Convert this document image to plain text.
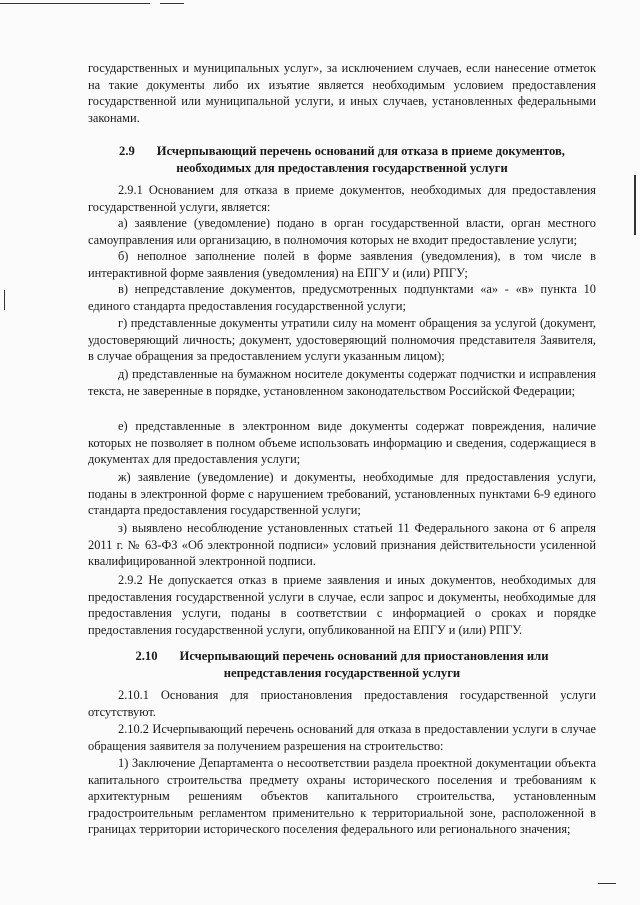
государственных и муниципальных услуг», за исключением случаев, если нанесение отметок на такие документы либо их изъятие является необходимым условием предоставления государственной или муниципальной услуги, и иных случаев, установленных федеральными законами.

2.9 Исчерпывающий перечень оснований для отказа в приеме документов, необходимых для предоставления государственной услуги

2.9.1 Основанием для отказа в приеме документов, необходимых для предоставления государственной услуги, является:

а) заявление (уведомление) подано в орган государственной власти, орган местного самоуправления или организацию, в полномочия которых не входит предоставление услуги;

б) неполное заполнение полей в форме заявления (уведомления), в том числе в интерактивной форме заявления (уведомления) на ЕПГУ и (или) РПГУ;

в) непредставление документов, предусмотренных подпунктами «а» - «в» пункта 10 единого стандарта предоставления государственной услуги;

г) представленные документы утратили силу на момент обращения за услугой (документ, удостоверяющий личность; документ, удостоверяющий полномочия представителя Заявителя, в случае обращения за предоставлением услуги указанным лицом);

д) представленные на бумажном носителе документы содержат подчистки и исправления текста, не заверенные в порядке, установленном законодательством Российской Федерации;

е) представленные в электронном виде документы содержат повреждения, наличие которых не позволяет в полном объеме использовать информацию и сведения, содержащиеся в документах для предоставления услуги;

ж) заявление (уведомление) и документы, необходимые для предоставления услуги, поданы в электронной форме с нарушением требований, установленных пунктами 6-9 единого стандарта предоставления государственной услуги;

з) выявлено несоблюдение установленных статьей 11 Федерального закона от 6 апреля 2011 г. № 63-ФЗ «Об электронной подписи» условий признания действительности усиленной квалифицированной электронной подписи.

2.9.2 Не допускается отказ в приеме заявления и иных документов, необходимых для предоставления государственной услуги в случае, если запрос и документы, необходимые для предоставления услуги, поданы в соответствии с информацией о сроках и порядке предоставления государственной услуги, опубликованной на ЕПГУ и (или) РПГУ.

2.10 Исчерпывающий перечень оснований для приостановления или непредставления государственной услуги

2.10.1 Основания для приостановления предоставления государственной услуги отсутствуют.

2.10.2 Исчерпывающий перечень оснований для отказа в предоставлении услуги в случае обращения заявителя за получением разрешения на строительство:

1) Заключение Департамента о несоответствии раздела проектной документации объекта капитального строительства предмету охраны исторического поселения и требованиям к архитектурным решениям объектов капитального строительства, установленным градостроительным регламентом применительно к территориальной зоне, расположенной в границах территории исторического поселения федерального или регионального значения;
